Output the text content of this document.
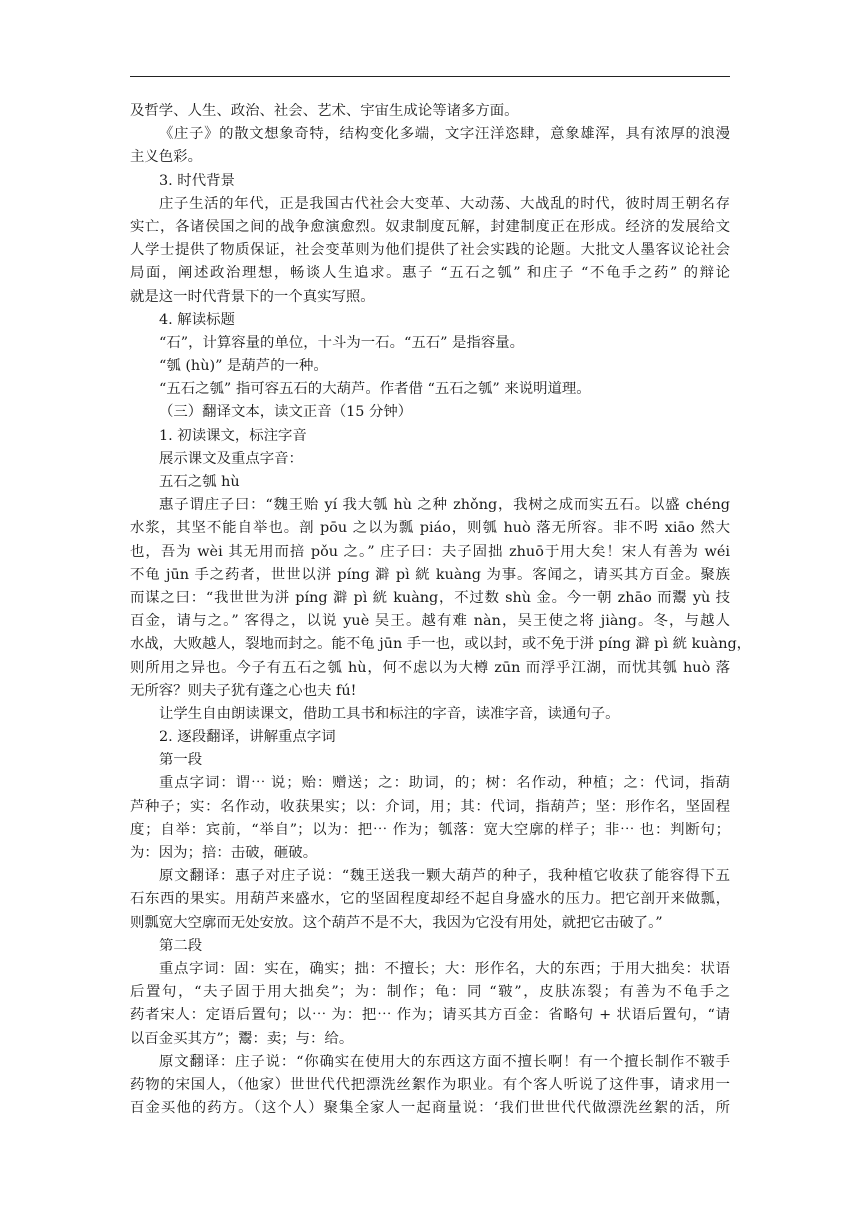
及哲学、人生、政治、社会、艺术、宇宙生成论等诸多方面。
《庄子》的散文想象奇特，结构变化多端，文字汪洋恣肆，意象雄浑，具有浓厚的浪漫
主义色彩。
3. 时代背景
庄子生活的年代，正是我国古代社会大变革、大动荡、大战乱的时代，彼时周王朝名存
实亡，各诸侯国之间的战争愈演愈烈。奴隶制度瓦解，封建制度正在形成。经济的发展给文
人学士提供了物质保证，社会变革则为他们提供了社会实践的论题。大批文人墨客议论社会
局面，阐述政治理想，畅谈人生追求。惠子 “五石之瓠” 和庄子 “不龟手之药” 的辩论
就是这一时代背景下的一个真实写照。
4. 解读标题
“石”，计算容量的单位，十斗为一石。“五石” 是指容量。
“瓠 (hù)” 是葫芦的一种。
“五石之瓠” 指可容五石的大葫芦。作者借 “五石之瓠” 来说明道理。
（三）翻译文本，读文正音（15 分钟）
1. 初读课文，标注字音
展示课文及重点字音：
五石之瓠 hù
惠子谓庄子曰：“魏王贻 yí 我大瓠 hù 之种 zhǒng，我树之成而实五石。以盛 chéng
水浆，其坚不能自举也。剖 pōu 之以为瓢 piáo，则瓠 huò 落无所容。非不呺 xiāo 然大
也，吾为 wèi 其无用而掊 pǒu 之。” 庄子曰：夫子固拙 zhuō于用大矣！宋人有善为 wéi
不龟 jūn 手之药者，世世以洴 píng 澼 pì 絖 kuàng 为事。客闻之，请买其方百金。聚族
而谋之曰：“我世世为洴 píng 澼 pì 絖 kuàng，不过数 shù 金。今一朝 zhāo 而鬻 yù 技
百金，请与之。” 客得之，以说 yuè 吴王。越有难 nàn，吴王使之将 jiàng。冬，与越人
水战，大败越人，裂地而封之。能不龟 jūn 手一也，或以封，或不免于洴 píng 澼 pì 絖 kuàng，
则所用之异也。今子有五石之瓠 hù，何不虑以为大樽 zūn 而浮乎江湖，而忧其瓠 huò 落
无所容？则夫子犹有蓬之心也夫 fú!
让学生自由朗读课文，借助工具书和标注的字音，读准字音，读通句子。
2. 逐段翻译，讲解重点字词
第一段
重点字词：谓⋯ 说；贻：赠送；之：助词，的；树：名作动，种植；之：代词，指葫
芦种子；实：名作动，收获果实；以：介词，用；其：代词，指葫芦；坚：形作名，坚固程
度；自举：宾前，“举自”；以为：把⋯ 作为；瓠落：宽大空廓的样子；非⋯ 也：判断句；
为：因为；掊：击破，砸破。
原文翻译：惠子对庄子说：“魏王送我一颗大葫芦的种子，我种植它收获了能容得下五
石东西的果实。用葫芦来盛水，它的坚固程度却经不起自身盛水的压力。把它剖开来做瓢，
则瓢宽大空廓而无处安放。这个葫芦不是不大，我因为它没有用处，就把它击破了。”
第二段
重点字词：固：实在，确实；拙：不擅长；大：形作名，大的东西；于用大拙矣：状语
后置句，“夫子固于用大拙矣”；为：制作；龟：同 “皲”，皮肤冻裂；有善为不龟手之
药者宋人：定语后置句；以⋯ 为：把⋯ 作为；请买其方百金：省略句 + 状语后置句，“请
以百金买其方”；鬻：卖；与：给。
原文翻译：庄子说：“你确实在使用大的东西这方面不擅长啊！有一个擅长制作不皲手
药物的宋国人，（他家）世世代代把漂洗丝絮作为职业。有个客人听说了这件事，请求用一
百金买他的药方。（这个人）聚集全家人一起商量说：‘我们世世代代做漂洗丝絮的活，所
